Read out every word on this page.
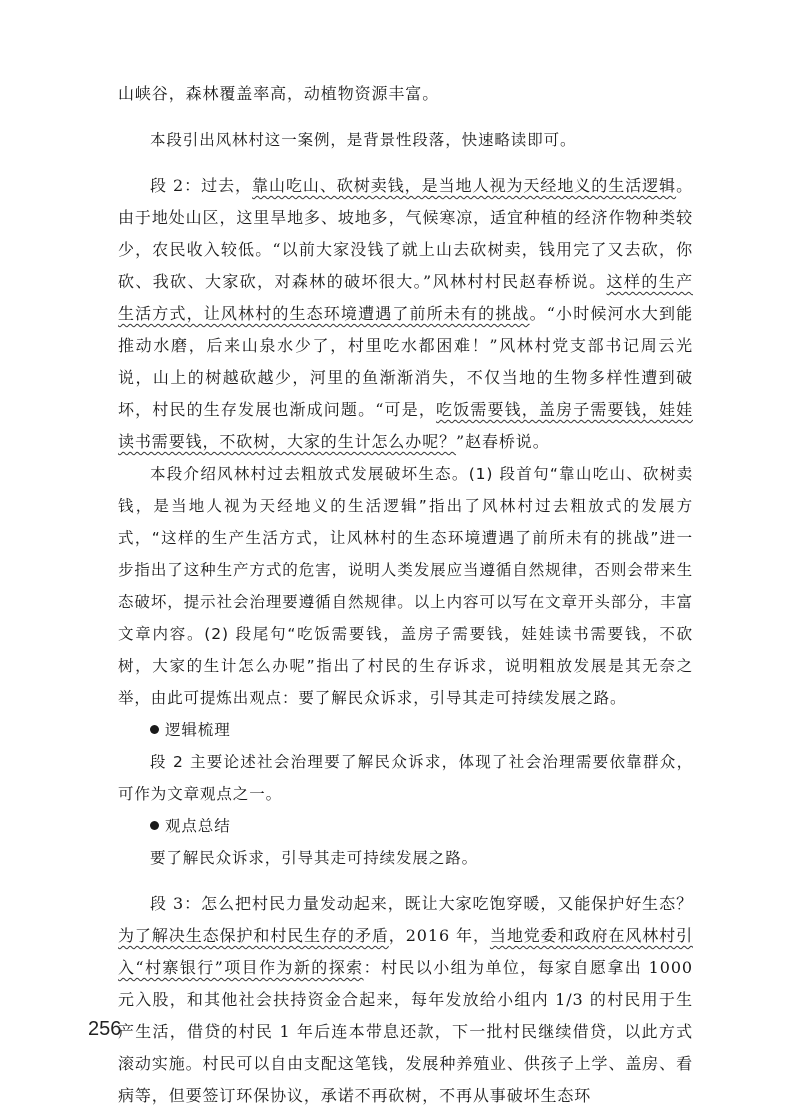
山峡谷，森林覆盖率高，动植物资源丰富。

本段引出风林村这一案例，是背景性段落，快速略读即可。

段 2：过去，靠山吃山、砍树卖钱，是当地人视为天经地义的生活逻辑。由于地处山区，这里旱地多、坡地多，气候寒凉，适宜种植的经济作物种类较少，农民收入较低。“以前大家没钱了就上山去砍树卖，钱用完了又去砍，你砍、我砍、大家砍，对森林的破坏很大。”风林村村民赵春桥说。这样的生产生活方式，让风林村的生态环境遭遇了前所未有的挑战。“小时候河水大到能推动水磨，后来山泉水少了，村里吃水都困难！”风林村党支部书记周云光说，山上的树越砍越少，河里的鱼渐渐消失，不仅当地的生物多样性遭到破坏，村民的生存发展也渐成问题。“可是，吃饭需要钱，盖房子需要钱，娃娃读书需要钱，不砍树，大家的生计怎么办呢？”赵春桥说。

本段介绍风林村过去粗放式发展破坏生态。(1) 段首句“靠山吃山、砍树卖钱，是当地人视为天经地义的生活逻辑”指出了风林村过去粗放式的发展方式，“这样的生产生活方式，让风林村的生态环境遭遇了前所未有的挑战”进一步指出了这种生产方式的危害，说明人类发展应当遵循自然规律，否则会带来生态破坏，提示社会治理要遵循自然规律。以上内容可以写在文章开头部分，丰富文章内容。(2) 段尾句“吃饭需要钱，盖房子需要钱，娃娃读书需要钱，不砍树，大家的生计怎么办呢”指出了村民的生存诉求，说明粗放发展是其无奈之举，由此可提炼出观点：要了解民众诉求，引导其走可持续发展之路。

逻辑梳理

段 2 主要论述社会治理要了解民众诉求，体现了社会治理需要依靠群众，可作为文章观点之一。

观点总结

要了解民众诉求，引导其走可持续发展之路。

段 3：怎么把村民力量发动起来，既让大家吃饱穿暖，又能保护好生态？为了解决生态保护和村民生存的矛盾，2016 年，当地党委和政府在风林村引入“村寨银行”项目作为新的探索：村民以小组为单位，每家自愿拿出 1000 元入股，和其他社会扶持资金合起来，每年发放给小组内 1/3 的村民用于生产生活，借贷的村民 1 年后连本带息还款，下一批村民继续借贷，以此方式滚动实施。村民可以自由支配这笔钱，发展种养殖业、供孩子上学、盖房、看病等，但要签订环保协议，承诺不再砍树，不再从事破坏生态环

256
